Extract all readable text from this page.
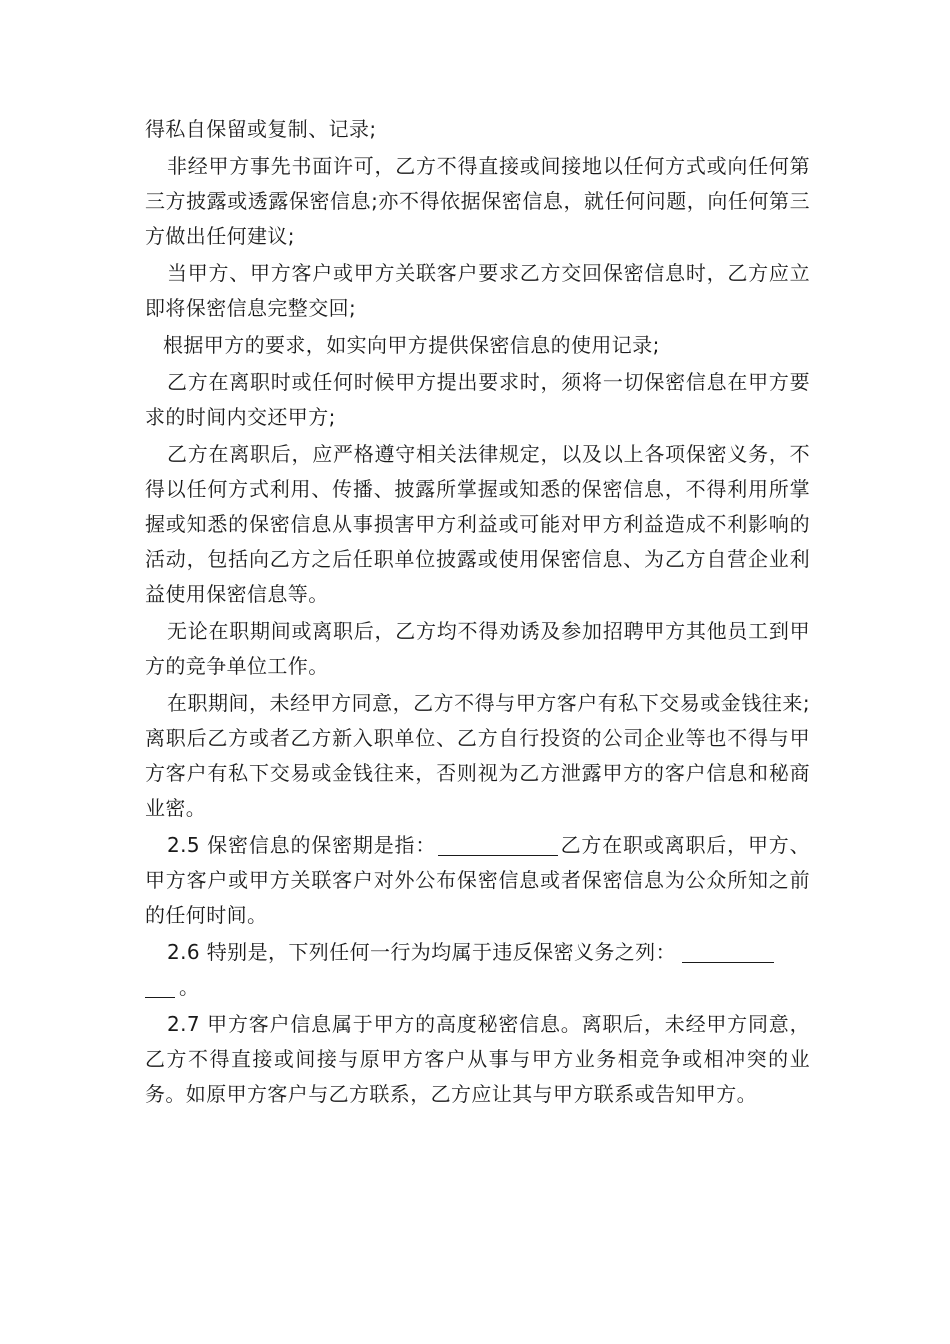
得私自保留或复制、记录;

非经甲方事先书面许可，乙方不得直接或间接地以任何方式或向任何第三方披露或透露保密信息;亦不得依据保密信息，就任何问题，向任何第三方做出任何建议;

当甲方、甲方客户或甲方关联客户要求乙方交回保密信息时，乙方应立即将保密信息完整交回;

根据甲方的要求，如实向甲方提供保密信息的使用记录;

乙方在离职时或任何时候甲方提出要求时，须将一切保密信息在甲方要求的时间内交还甲方;

乙方在离职后，应严格遵守相关法律规定，以及以上各项保密义务，不得以任何方式利用、传播、披露所掌握或知悉的保密信息，不得利用所掌握或知悉的保密信息从事损害甲方利益或可能对甲方利益造成不利影响的活动，包括向乙方之后任职单位披露或使用保密信息、为乙方自营企业利益使用保密信息等。

无论在职期间或离职后，乙方均不得劝诱及参加招聘甲方其他员工到甲方的竞争单位工作。

在职期间，未经甲方同意，乙方不得与甲方客户有私下交易或金钱往来;离职后乙方或者乙方新入职单位、乙方自行投资的公司企业等也不得与甲方客户有私下交易或金钱往来，否则视为乙方泄露甲方的客户信息和秘商业密。

2.5 保密信息的保密期是指：	乙方在职或离职后，甲方、甲方客户或甲方关联客户对外公布保密信息或者保密信息为公众所知之前的任何时间。

2.6 特别是，下列任何一行为均属于违反保密义务之列：
。

2.7 甲方客户信息属于甲方的高度秘密信息。离职后，未经甲方同意，乙方不得直接或间接与原甲方客户从事与甲方业务相竞争或相冲突的业务。如原甲方客户与乙方联系，乙方应让其与甲方联系或告知甲方。
